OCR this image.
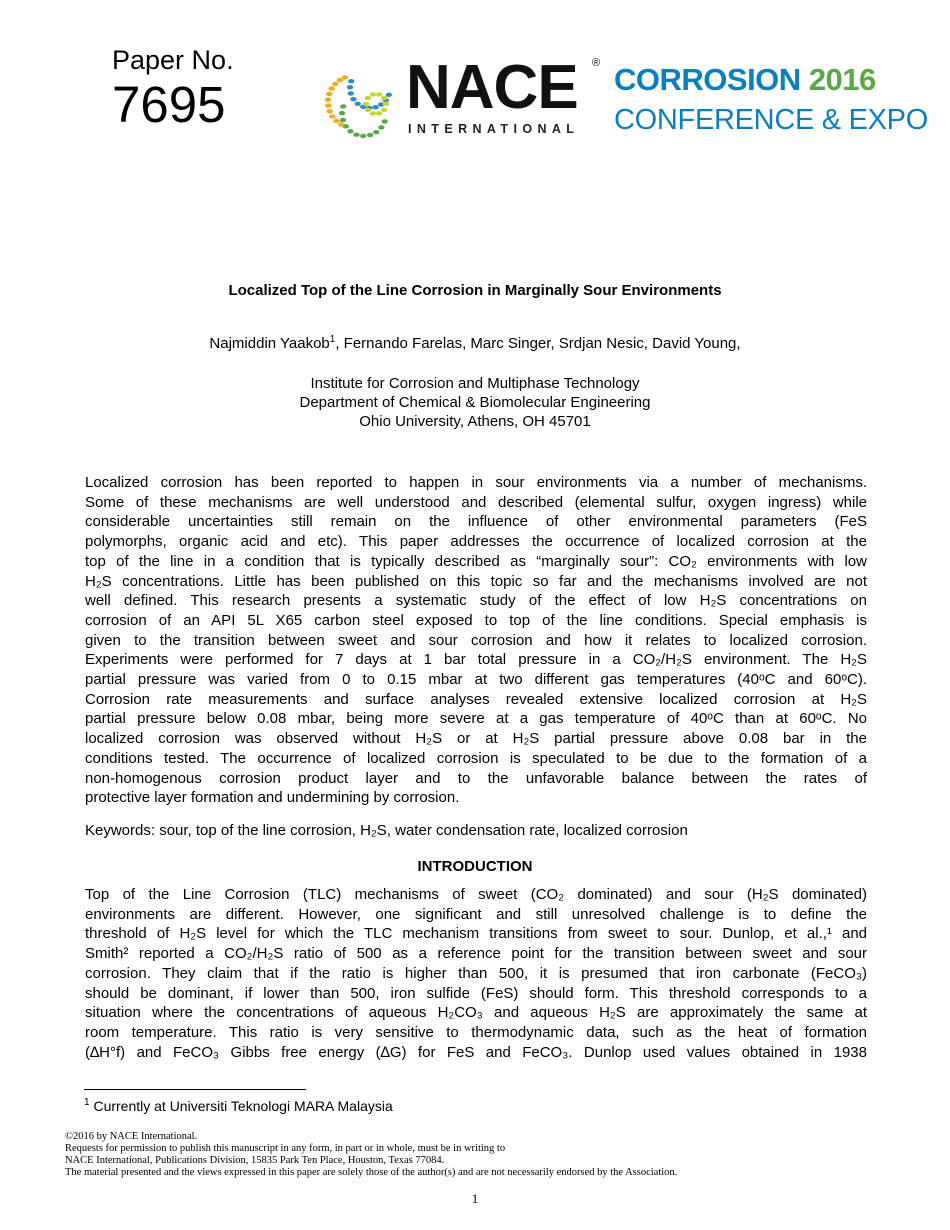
Paper No.
7695	NACE ®
INTERNATIONAL
CORROSION 2016
CONFERENCE & EXPO
Localized Top of the Line Corrosion in Marginally Sour Environments
Najmiddin Yaakob$^1$, Fernando Farelas, Marc Singer, Srdjan Nesic, David Young,
Institute for Corrosion and Multiphase Technology
Department of Chemical & Biomolecular Engineering
Ohio University, Athens, OH 45701
Localized corrosion has been reported to happen in sour environments via a number of mechanisms.
Some of these mechanisms are well understood and described (elemental sulfur, oxygen ingress) while
considerable uncertainties still remain on the influence of other environmental parameters (FeS
polymorphs, organic acid and etc). This paper addresses the occurrence of localized corrosion at the
top of the line in a condition that is typically described as “marginally sour”: CO₂ environments with low
H₂S concentrations. Little has been published on this topic so far and the mechanisms involved are not
well defined. This research presents a systematic study of the effect of low H₂S concentrations on
corrosion of an API 5L X65 carbon steel exposed to top of the line conditions. Special emphasis is
given to the transition between sweet and sour corrosion and how it relates to localized corrosion.
Experiments were performed for 7 days at 1 bar total pressure in a CO₂/H₂S environment. The H₂S
partial pressure was varied from 0 to 0.15 mbar at two different gas temperatures (40ᵒC and 60ᵒC).
Corrosion rate measurements and surface analyses revealed extensive localized corrosion at H₂S
partial pressure below 0.08 mbar, being more severe at a gas temperature of 40ᵒC than at 60ᵒC. No
localized corrosion was observed without H₂S or at H₂S partial pressure above 0.08 bar in the
conditions tested. The occurrence of localized corrosion is speculated to be due to the formation of a
non-homogenous corrosion product layer and to the unfavorable balance between the rates of
protective layer formation and undermining by corrosion.
Keywords: sour, top of the line corrosion, H₂S, water condensation rate, localized corrosion
INTRODUCTION
Top of the Line Corrosion (TLC) mechanisms of sweet (CO₂ dominated) and sour (H₂S dominated)
environments are different. However, one significant and still unresolved challenge is to define the
threshold of H₂S level for which the TLC mechanism transitions from sweet to sour. Dunlop, et al.,¹ and
Smith² reported a CO₂/H₂S ratio of 500 as a reference point for the transition between sweet and sour
corrosion. They claim that if the ratio is higher than 500, it is presumed that iron carbonate (FeCO₃)
should be dominant, if lower than 500, iron sulfide (FeS) should form. This threshold corresponds to a
situation where the concentrations of aqueous H₂CO₃ and aqueous H₂S are approximately the same at
room temperature. This ratio is very sensitive to thermodynamic data, such as the heat of formation
(∆H°f) and FeCO₃ Gibbs free energy (∆G) for FeS and FeCO₃. Dunlop used values obtained in 1938
$^1$ Currently at Universiti Teknologi MARA Malaysia
©2016 by NACE International.
Requests for permission to publish this manuscript in any form, in part or in whole, must be in writing to
NACE International, Publications Division, 15835 Park Ten Place, Houston, Texas 77084.
The material presented and the views expressed in this paper are solely those of the author(s) and are not necessarily endorsed by the Association.
1
